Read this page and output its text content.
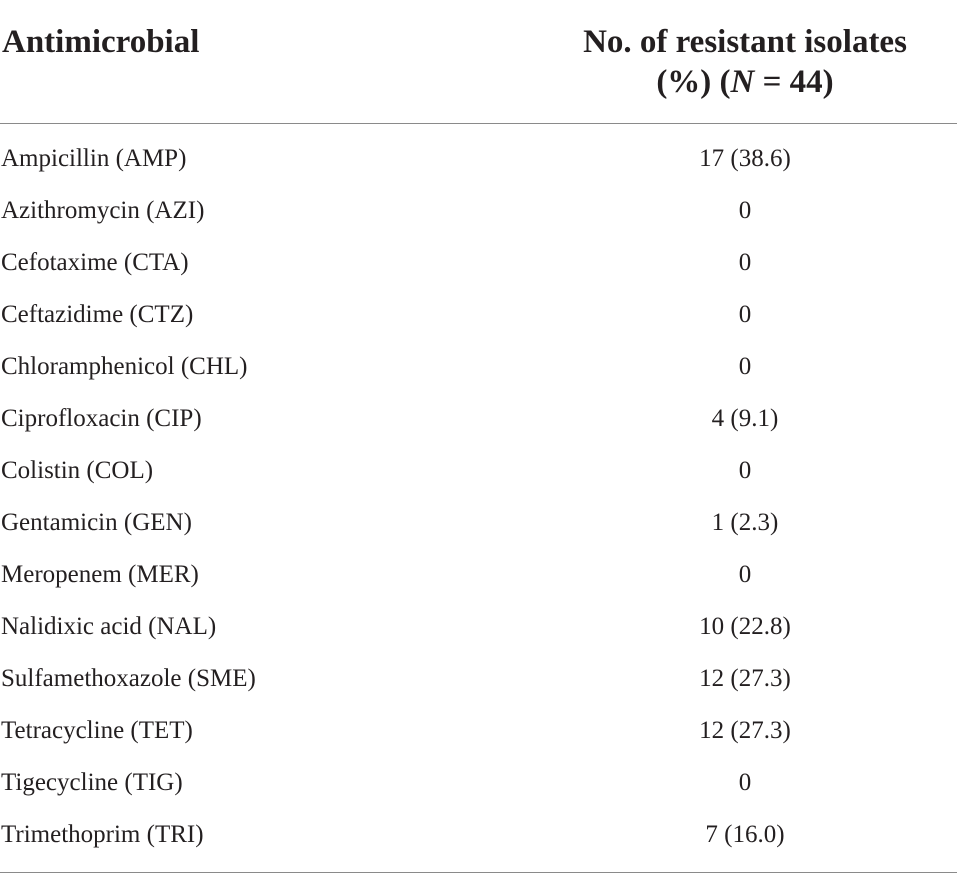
Antimicrobial	No. of resistant isolates
(%) (N = 44)
Ampicillin (AMP)	17 (38.6)
Azithromycin (AZI)	0
Cefotaxime (CTA)	0
Ceftazidime (CTZ)	0
Chloramphenicol (CHL)	0
Ciprofloxacin (CIP)	4 (9.1)
Colistin (COL)	0
Gentamicin (GEN)	1 (2.3)
Meropenem (MER)	0
Nalidixic acid (NAL)	10 (22.8)
Sulfamethoxazole (SME)	12 (27.3)
Tetracycline (TET)	12 (27.3)
Tigecycline (TIG)	0
Trimethoprim (TRI)	7 (16.0)
